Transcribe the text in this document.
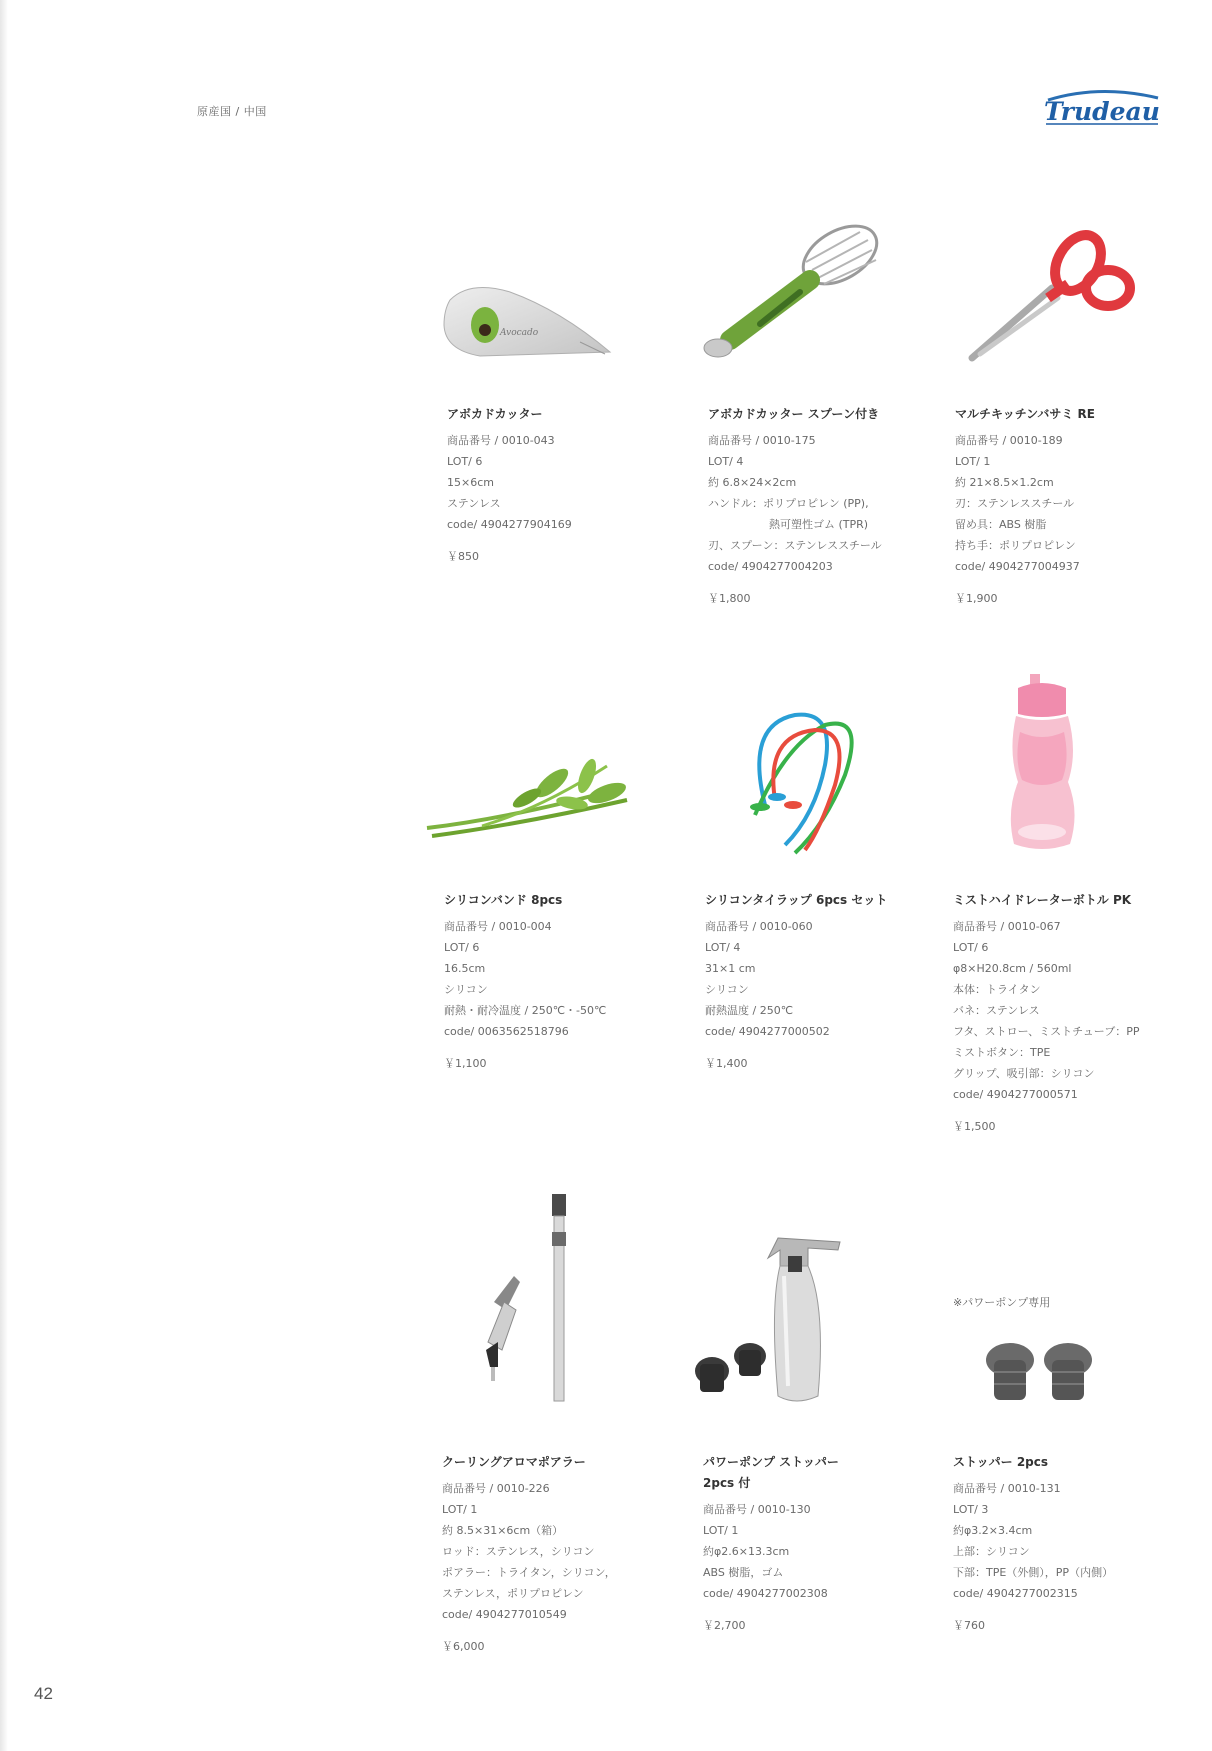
原産国 / 中国	Trudeau
Avocado
アボカドカッター
商品番号 / 0010-043
LOT/ 6
15×6cm
ステンレス
code/ 4904277904169
￥850
アボカドカッター スプーン付き
商品番号 / 0010-175
LOT/ 4
約 6.8×24×2cm
ハンドル：ポリプロピレン (PP),
熱可塑性ゴム (TPR)
刃、スプーン：ステンレススチール
code/ 4904277004203
￥1,800
マルチキッチンバサミ RE
商品番号 / 0010-189
LOT/ 1
約 21×8.5×1.2cm
刃：ステンレススチール
留め具：ABS 樹脂
持ち手：ポリプロピレン
code/ 4904277004937
￥1,900
シリコンバンド 8pcs
商品番号 / 0010-004
LOT/ 6
16.5cm
シリコン
耐熱・耐冷温度 / 250℃・-50℃
code/ 0063562518796
￥1,100
シリコンタイラップ 6pcs セット
商品番号 / 0010-060
LOT/ 4
31×1 cm
シリコン
耐熱温度 / 250℃
code/ 4904277000502
￥1,400
ミストハイドレーターボトル PK
商品番号 / 0010-067
LOT/ 6
φ8×H20.8cm / 560ml
本体：トライタン
バネ：ステンレス
フタ、ストロー、ミストチューブ：PP
ミストボタン：TPE
グリップ、吸引部：シリコン
code/ 4904277000571
￥1,500
※パワーポンプ専用
クーリングアロマポアラー
商品番号 / 0010-226
LOT/ 1
約 8.5×31×6cm（箱）
ロッド：ステンレス，シリコン
ポアラー：トライタン，シリコン，
ステンレス，ポリプロピレン
code/ 4904277010549
￥6,000
パワーポンプ ストッパー
2pcs 付
商品番号 / 0010-130
LOT/ 1
約φ2.6×13.3cm
ABS 樹脂，ゴム
code/ 4904277002308
￥2,700
ストッパー 2pcs
商品番号 / 0010-131
LOT/ 3
約φ3.2×3.4cm
上部：シリコン
下部：TPE（外側），PP（内側）
code/ 4904277002315
￥760
42
